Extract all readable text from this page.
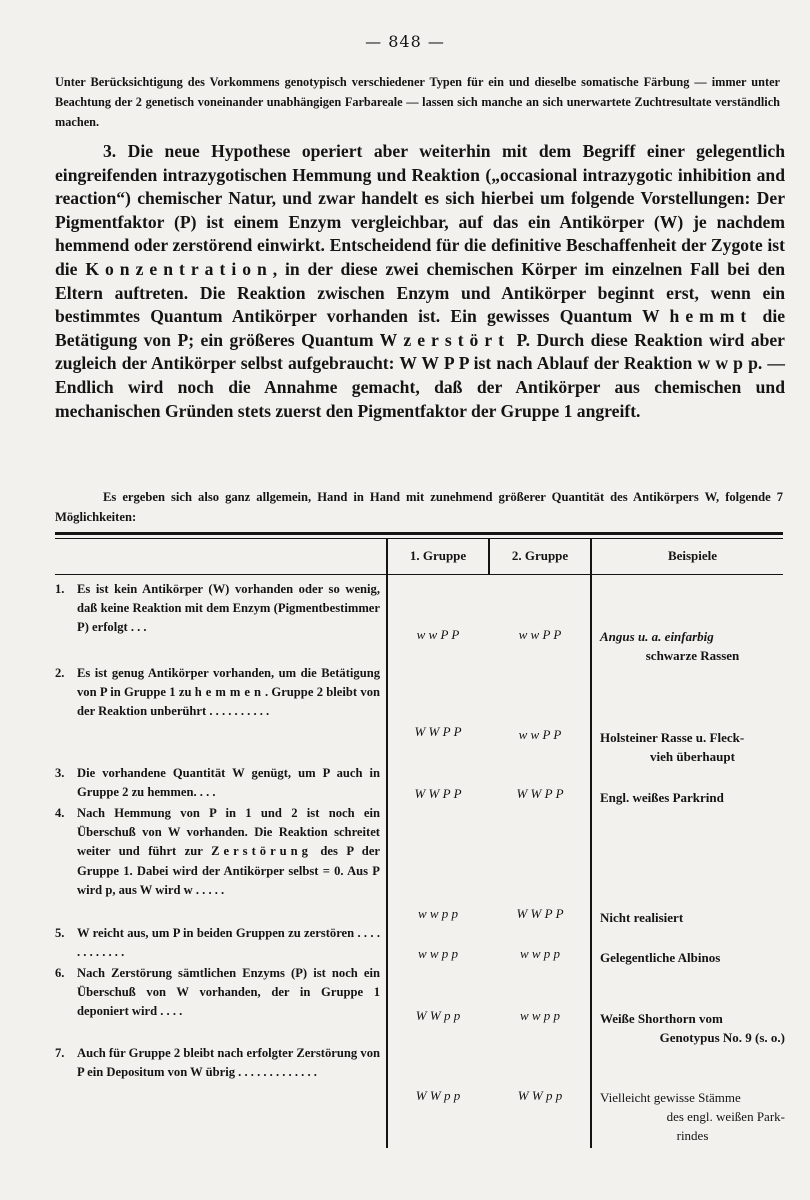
— 848 —
Unter Berücksichtigung des Vorkommens genotypisch verschiedener Typen für ein und dieselbe somatische Färbung — immer unter Beachtung der 2 genetisch voneinander unabhängigen Farbareale — lassen sich manche an sich unerwartete Zuchtresultate verständlich machen.

3. Die neue Hypothese operiert aber weiterhin mit dem Begriff einer gelegentlich eingreifenden intrazygotischen Hemmung und Reaktion („occasional intrazygotic inhibition and reaction“) chemischer Natur, und zwar handelt es sich hierbei um folgende Vorstellungen: Der Pigmentfaktor (P) ist einem Enzym vergleichbar, auf das ein Antikörper (W) je nachdem hemmend oder zerstörend einwirkt. Entscheidend für die definitive Beschaffenheit der Zygote ist die Konzentration, in der diese zwei chemischen Körper im einzelnen Fall bei den Eltern auftreten. Die Reaktion zwischen Enzym und Antikörper beginnt erst, wenn ein bestimmtes Quantum Antikörper vorhanden ist. Ein gewisses Quantum W hemmt die Betätigung von P; ein größeres Quantum W zerstört P. Durch diese Reaktion wird aber zugleich der Antikörper selbst aufgebraucht: W W P P ist nach Ablauf der Reaktion w w p p. — Endlich wird noch die Annahme gemacht, daß der Antikörper aus chemischen und mechanischen Gründen stets zuerst den Pigmentfaktor der Gruppe 1 angreift.

Es ergeben sich also ganz allgemein, Hand in Hand mit zunehmend größerer Quantität des Antikörpers W, folgende 7 Möglichkeiten:

1. Gruppe	2. Gruppe	Beispiele
1. Es ist kein Antikörper (W) vorhanden oder so wenig, daß keine Reaktion mit dem Enzym (Pigmentbestimmer P) erfolgt . . .	w w P P	w w P P	Angus u. a. einfarbig
schwarze Rassen
2. Es ist genug Antikörper vorhanden, um die Betätigung von P in Gruppe 1 zu hemmen. Gruppe 2 bleibt von der Reaktion unberührt . . . . . . . . . .
W W P P	w w P P	Holsteiner Rasse u. Fleck-
vieh überhaupt
3. Die vorhandene Quantität W genügt, um P auch in Gruppe 2 zu hemmen. . . .	W W P P	W W P P	Engl. weißes Parkrind
4. Nach Hemmung von P in 1 und 2 ist noch ein Überschuß von W vorhanden. Die Reaktion schreitet weiter und führt zur Zerstörung des P der Gruppe 1. Dabei wird der Antikörper selbst = 0. Aus P wird p, aus W wird w . . . . .
w w p p	W W P P	Nicht realisiert
5. W reicht aus, um P in beiden Gruppen zu zerstören . . . . . . . . . . . .	w w p p	w w p p	Gelegentliche Albinos
6. Nach Zerstörung sämtlichen Enzyms (P) ist noch ein Überschuß von W vorhanden, der in Gruppe 1 deponiert wird . . . .	W W p p	w w p p	Weiße Shorthorn vom
Genotypus No. 9 (s. o.)
7. Auch für Gruppe 2 bleibt nach erfolgter Zerstörung von P ein Depositum von W übrig . . . . . . . . . . . . .
W W p p	W W p p	Vielleicht gewisse Stämme
des engl. weißen Park-
rindes
